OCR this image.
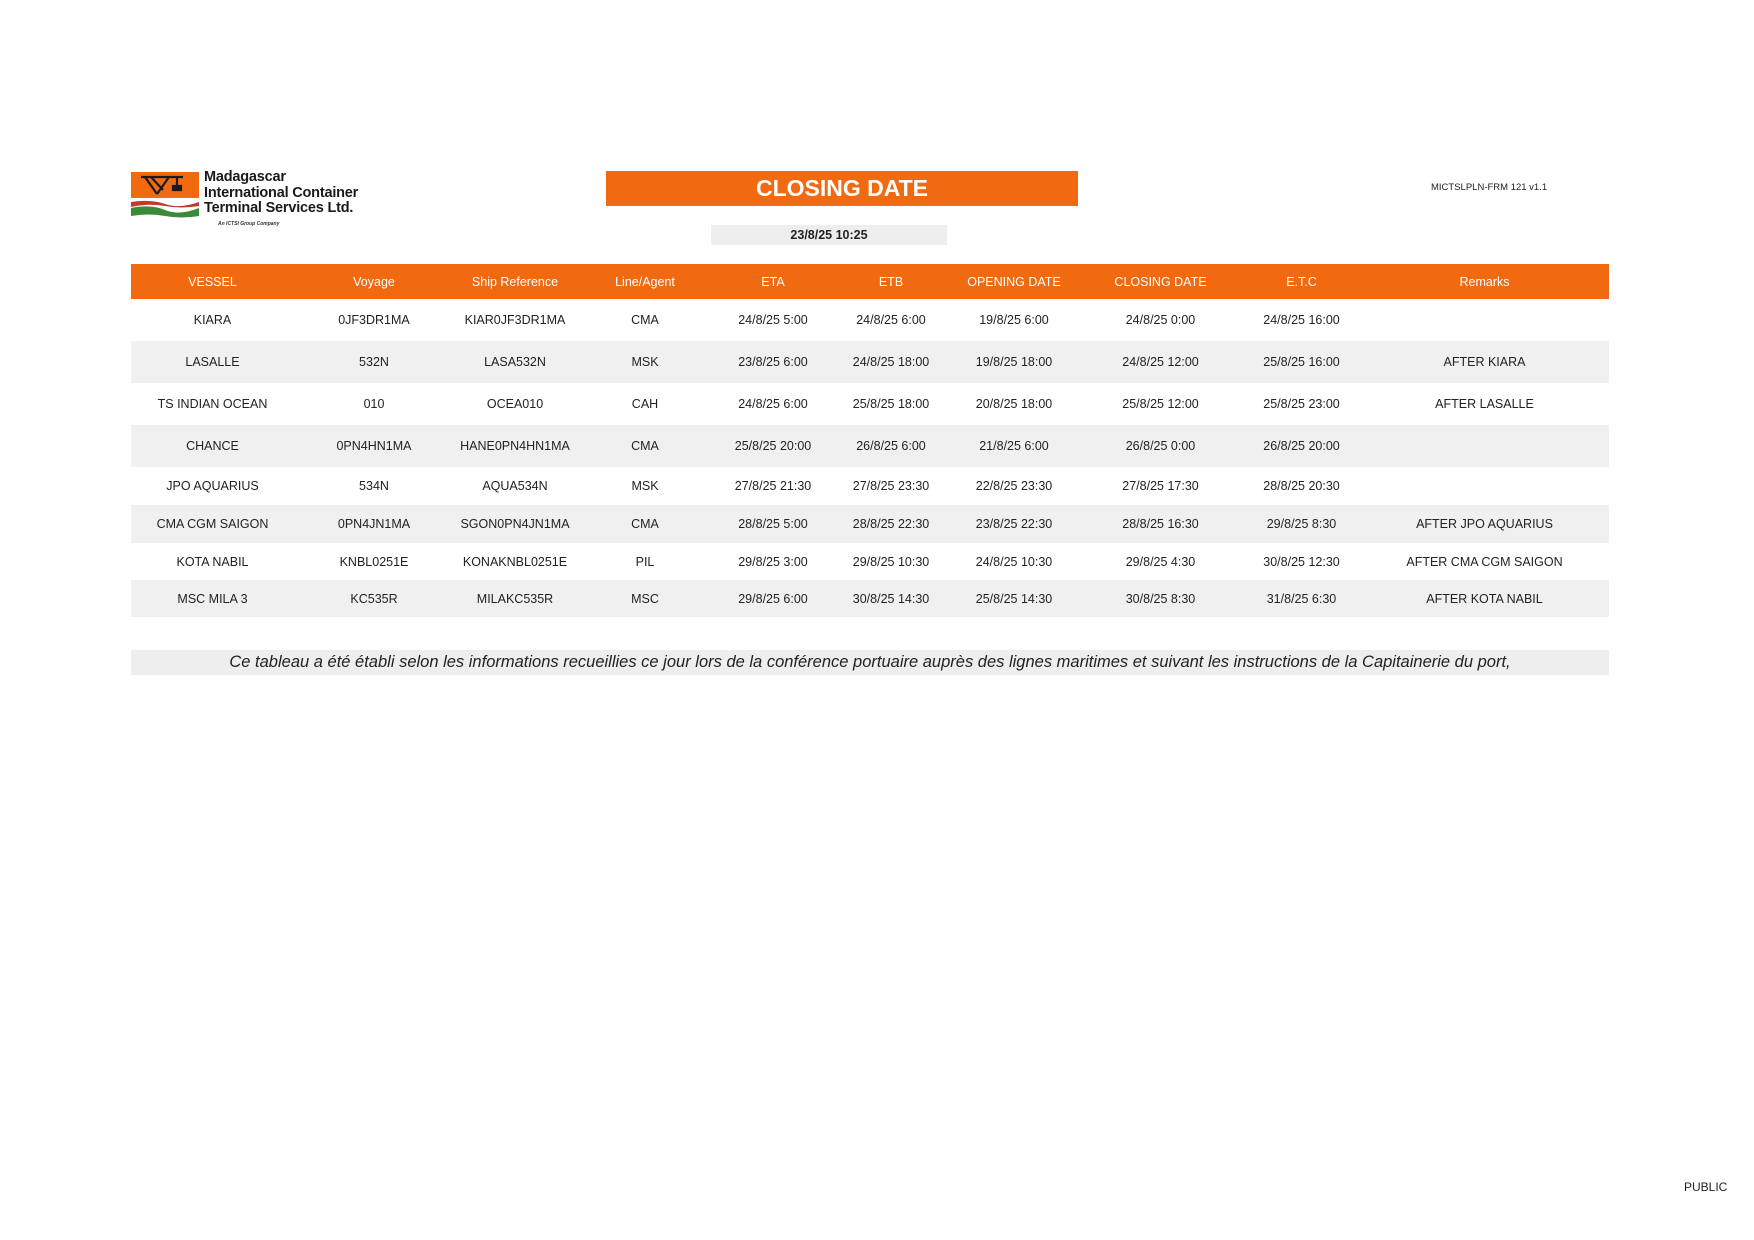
Madagascar
International Container
Terminal Services Ltd.
An ICTSI Group Company
CLOSING DATE
23/8/25 10:25
MICTSLPLN-FRM 121 v1.1
VESSEL	Voyage	Ship Reference	Line/Agent	ETA	ETB	OPENING DATE	CLOSING DATE	E.T.C	Remarks
KIARA	0JF3DR1MA	KIAR0JF3DR1MA	CMA	24/8/25 5:00	24/8/25 6:00	19/8/25 6:00	24/8/25 0:00	24/8/25 16:00	
LASALLE	532N	LASA532N	MSK	23/8/25 6:00	24/8/25 18:00	19/8/25 18:00	24/8/25 12:00	25/8/25 16:00	AFTER KIARA
TS INDIAN OCEAN	010	OCEA010	CAH	24/8/25 6:00	25/8/25 18:00	20/8/25 18:00	25/8/25 12:00	25/8/25 23:00	AFTER LASALLE
CHANCE	0PN4HN1MA	HANE0PN4HN1MA	CMA	25/8/25 20:00	26/8/25 6:00	21/8/25 6:00	26/8/25 0:00	26/8/25 20:00	
JPO AQUARIUS	534N	AQUA534N	MSK	27/8/25 21:30	27/8/25 23:30	22/8/25 23:30	27/8/25 17:30	28/8/25 20:30	
CMA CGM SAIGON	0PN4JN1MA	SGON0PN4JN1MA	CMA	28/8/25 5:00	28/8/25 22:30	23/8/25 22:30	28/8/25 16:30	29/8/25 8:30	AFTER JPO AQUARIUS
KOTA NABIL	KNBL0251E	KONAKNBL0251E	PIL	29/8/25 3:00	29/8/25 10:30	24/8/25 10:30	29/8/25 4:30	30/8/25 12:30	AFTER CMA CGM SAIGON
MSC MILA 3	KC535R	MILAKC535R	MSC	29/8/25 6:00	30/8/25 14:30	25/8/25 14:30	30/8/25 8:30	31/8/25 6:30	AFTER KOTA NABIL
Ce tableau a été établi selon les informations recueillies ce jour lors de la conférence portuaire auprès des lignes maritimes et suivant les instructions de la Capitainerie du port,
PUBLIC
